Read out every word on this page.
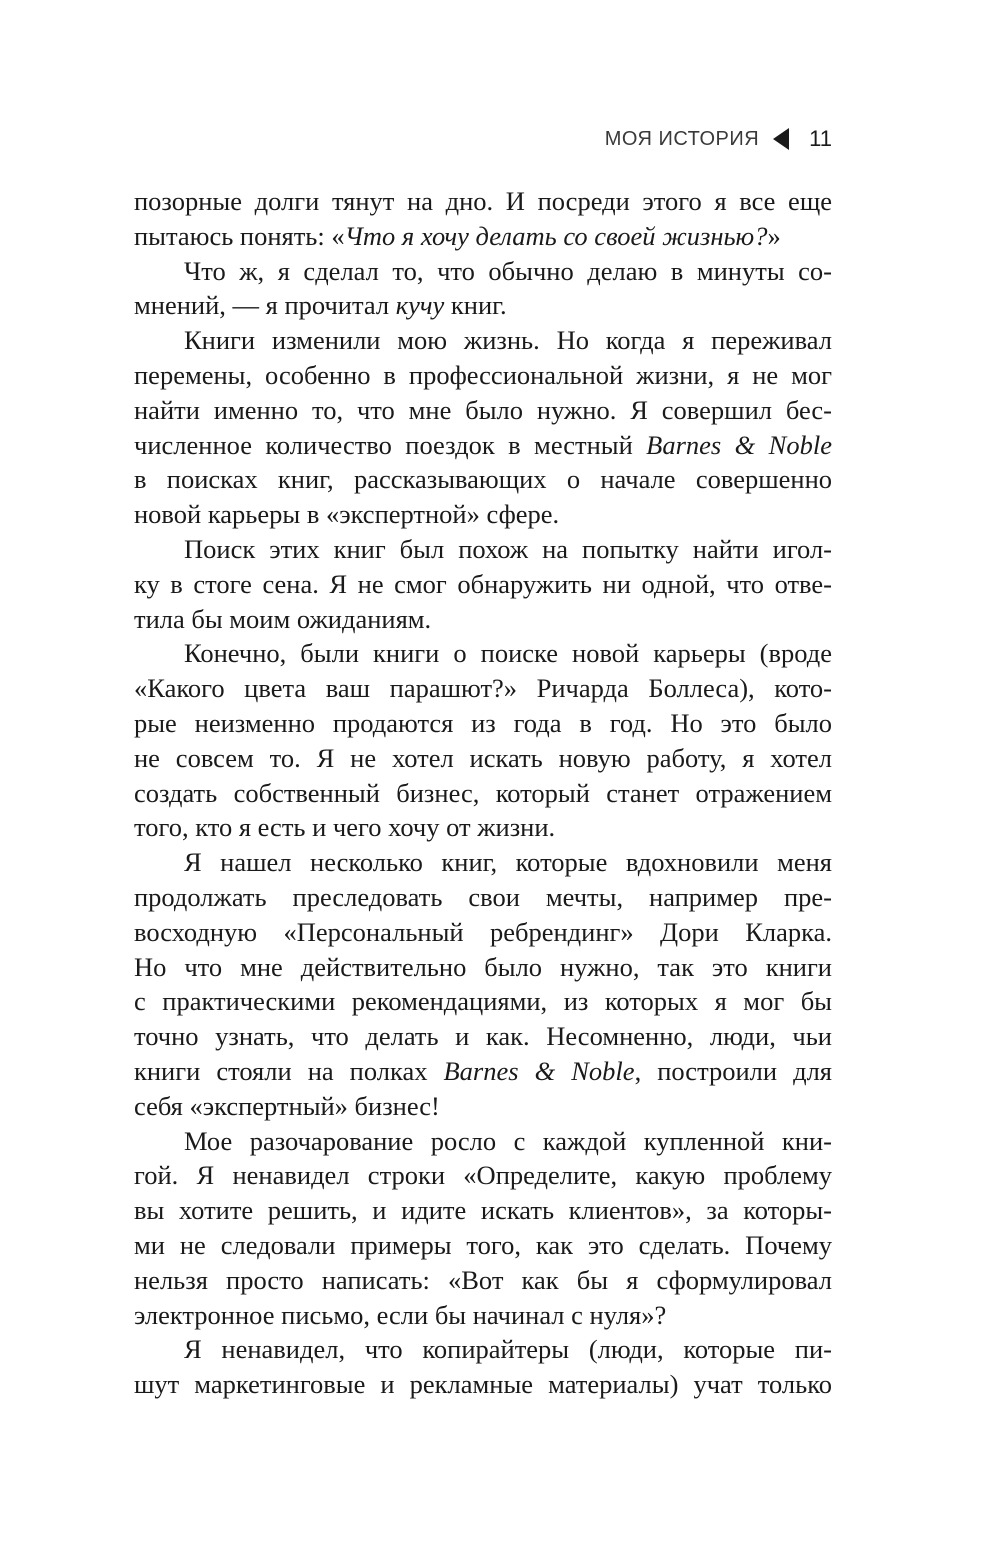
МОЯ ИСТОРИЯ 11
позорные долги тянут на дно. И посреди этого я все еще
пытаюсь понять: «Что я хочу делать со своей жизнью?»
Что ж, я сделал то, что обычно делаю в минуты со-
мнений, — я прочитал кучу книг.
Книги изменили мою жизнь. Но когда я переживал
перемены, особенно в профессиональной жизни, я не мог
найти именно то, что мне было нужно. Я совершил бес-
численное количество поездок в местный Barnes & Noble
в поисках книг, рассказывающих о начале совершенно
новой карьеры в «экспертной» сфере.
Поиск этих книг был похож на попытку найти игол-
ку в стоге сена. Я не смог обнаружить ни одной, что отве-
тила бы моим ожиданиям.
Конечно, были книги о поиске новой карьеры (вроде
«Какого цвета ваш парашют?» Ричарда Боллеса), кото-
рые неизменно продаются из года в год. Но это было
не совсем то. Я не хотел искать новую работу, я хотел
создать собственный бизнес, который станет отражением
того, кто я есть и чего хочу от жизни.
Я нашел несколько книг, которые вдохновили меня
продолжать преследовать свои мечты, например пре-
восходную «Персональный ребрендинг» Дори Кларка.
Но что мне действительно было нужно, так это книги
с практическими рекомендациями, из которых я мог бы
точно узнать, что делать и как. Несомненно, люди, чьи
книги стояли на полках Barnes & Noble, построили для
себя «экспертный» бизнес!
Мое разочарование росло с каждой купленной кни-
гой. Я ненавидел строки «Определите, какую проблему
вы хотите решить, и идите искать клиентов», за которы-
ми не следовали примеры того, как это сделать. Почему
нельзя просто написать: «Вот как бы я сформулировал
электронное письмо, если бы начинал с нуля»?
Я ненавидел, что копирайтеры (люди, которые пи-
шут маркетинговые и рекламные материалы) учат только
